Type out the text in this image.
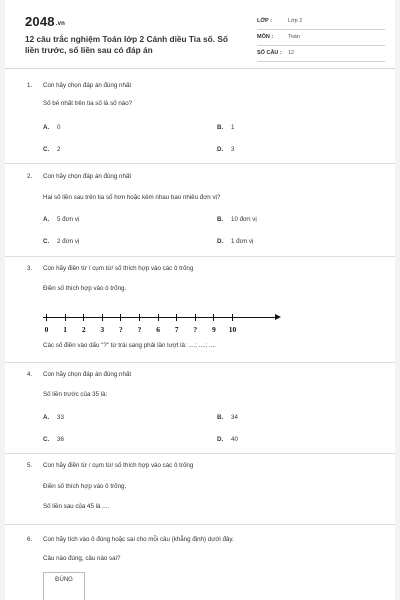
2048.vn
12 câu trắc nghiệm Toán lớp 2 Cánh diều Tia số. Số liền trước, số liền sau có đáp án
LỚP :	Lớp 2
MÔN :	Toán
SỐ CÂU : 12
1. Con hãy chọn đáp án đúng nhất
Số bé nhất trên tia số là số nào?
A. 0	B. 1
C. 2	D. 3
2. Con hãy chọn đáp án đúng nhất
Hai số liền sau trên tia số hơn hoặc kém nhau bao nhiêu đơn vị?
A. 5 đơn vị	B. 10 đơn vị
C. 2 đơn vị	D. 1 đơn vị
3. Con hãy điền từ / cụm từ/ số thích hợp vào các ô trống
Điền số thích hợp vào ô trống.
0	1	2	3	?	?	6	7	?	9	10
Các số điền vào dấu "?" từ trái sang phải lần lượt là: ....; ....; ....
4. Con hãy chọn đáp án đúng nhất
Số liền trước của 35 là:
A. 33	B. 34
C. 36	D. 40
5. Con hãy điền từ / cụm từ/ số thích hợp vào các ô trống
Điền số thích hợp vào ô trống.
Số liền sau của 45 là ....
6. Con hãy tích vào ô đúng hoặc sai cho mỗi câu (khẳng định) dưới đây.
Câu nào đúng, câu nào sai?
ĐÚNG
